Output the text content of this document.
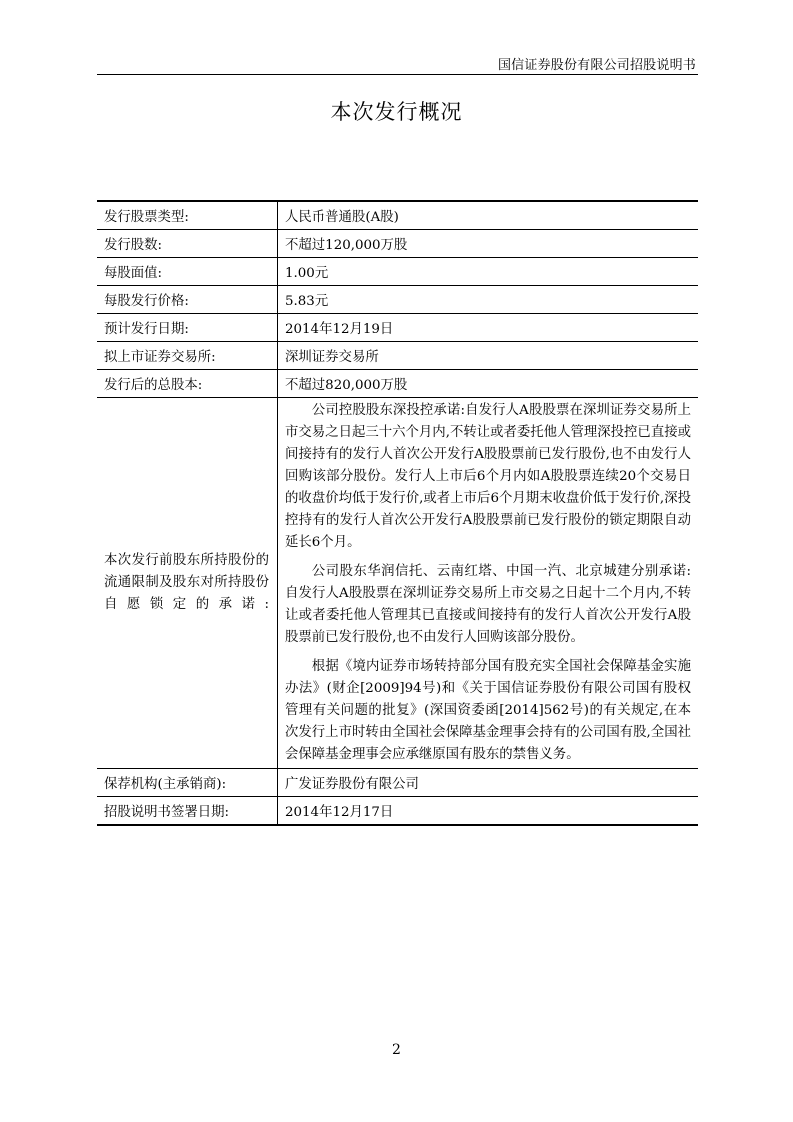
国信证券股份有限公司招股说明书
本次发行概况
发行股票类型:	人民币普通股(A股)
发行股数:	不超过120,000万股
每股面值:	1.00元
每股发行价格:	5.83元
预计发行日期:	2014年12月19日
拟上市证券交易所:	深圳证券交易所
发行后的总股本:	不超过820,000万股
本次发行前股东所持股份的流通限制及股东对所持股份自愿锁定的承诺:	公司控股股东深投控承诺:自发行人A股股票在深圳证券交易所上市交易之日起三十六个月内,不转让或者委托他人管理深投控已直接或间接持有的发行人首次公开发行A股股票前已发行股份,也不由发行人回购该部分股份。发行人上市后6个月内如A股股票连续20个交易日的收盘价均低于发行价,或者上市后6个月期末收盘价低于发行价,深投控持有的发行人首次公开发行A股股票前已发行股份的锁定期限自动延长6个月。

公司股东华润信托、云南红塔、中国一汽、北京城建分别承诺:自发行人A股股票在深圳证券交易所上市交易之日起十二个月内,不转让或者委托他人管理其已直接或间接持有的发行人首次公开发行A股股票前已发行股份,也不由发行人回购该部分股份。

根据《境内证券市场转持部分国有股充实全国社会保障基金实施办法》(财企[2009]94号)和《关于国信证券股份有限公司国有股权管理有关问题的批复》(深国资委函[2014]562号)的有关规定,在本次发行上市时转由全国社会保障基金理事会持有的公司国有股,全国社会保障基金理事会应承继原国有股东的禁售义务。

保荐机构(主承销商):	广发证券股份有限公司
招股说明书签署日期:	2014年12月17日
2
